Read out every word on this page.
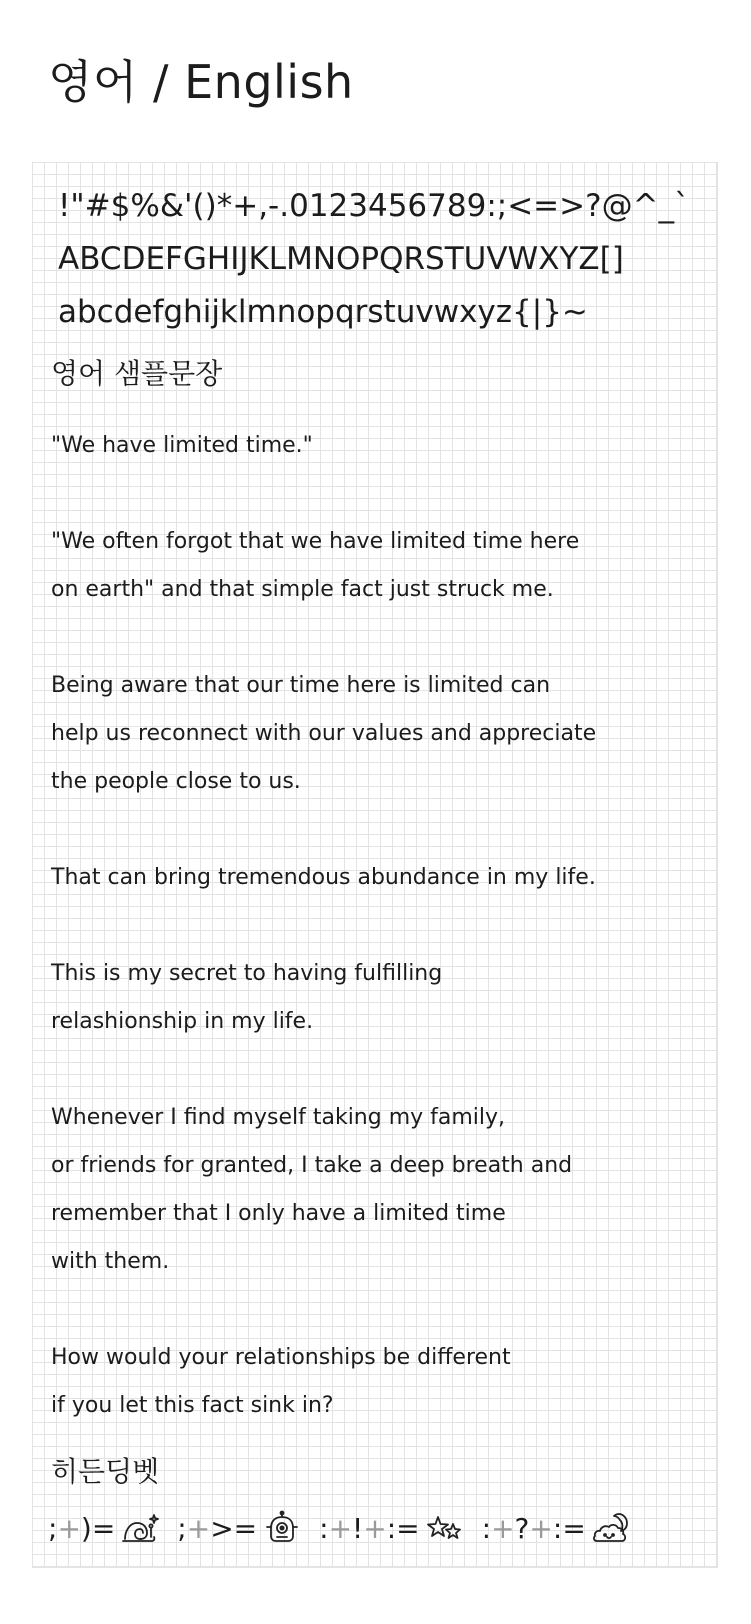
영어 / English
!"#$%&'()*+,-.0123456789:;<=>?@^_`
ABCDEFGHIJKLMNOPQRSTUVWXYZ[]
abcdefghijklmnopqrstuvwxyz{|}~
영어 샘플문장
"We have limited time."
"We often forgot that we have limited time here
on earth" and that simple fact just struck me.
Being aware that our time here is limited can
help us reconnect with our values and appreciate
the people close to us.
That can bring tremendous abundance in my life.
This is my secret to having fulfilling
relashionship in my life.
Whenever I find myself taking my family,
or friends for granted, I take a deep breath and
remember that I only have a limited time
with them.
How would your relationships be different
if you let this fact sink in?
히든딩벳
; + )= ; + >= : + ! + := : + ? + :=
